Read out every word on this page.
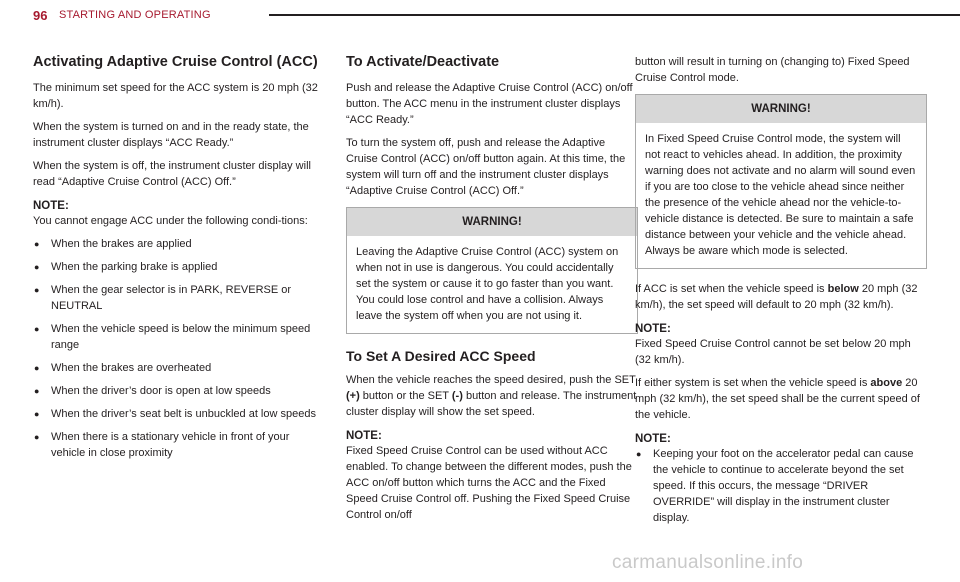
96 STARTING AND OPERATING
Activating Adaptive Cruise Control (ACC)

The minimum set speed for the ACC system is 20 mph (32 km/h).

When the system is turned on and in the ready state, the instrument cluster displays “ACC Ready.”

When the system is off, the instrument cluster display will read “Adaptive Cruise Control (ACC) Off.”

NOTE:

You cannot engage ACC under the following condi-tions:

● When the brakes are applied
● When the parking brake is applied
● When the gear selector is in PARK, REVERSE or NEUTRAL
● When the vehicle speed is below the minimum speed range
● When the brakes are overheated
● When the driver’s door is open at low speeds
● When the driver’s seat belt is unbuckled at low speeds
● When there is a stationary vehicle in front of your vehicle in close proximity
To Activate/Deactivate

Push and release the Adaptive Cruise Control (ACC) on/off button. The ACC menu in the instrument cluster displays “ACC Ready.”

To turn the system off, push and release the Adaptive Cruise Control (ACC) on/off button again. At this time, the system will turn off and the instrument cluster displays “Adaptive Cruise Control (ACC) Off.”

WARNING!
Leaving the Adaptive Cruise Control (ACC) system on when not in use is dangerous. You could accidentally set the system or cause it to go faster than you want. You could lose control and have a collision. Always leave the system off when you are not using it.
To Set A Desired ACC Speed

When the vehicle reaches the speed desired, push the SET (+) button or the SET (-) button and release. The instrument cluster display will show the set speed.

NOTE:

Fixed Speed Cruise Control can be used without ACC enabled. To change between the different modes, push the ACC on/off button which turns the ACC and the Fixed Speed Cruise Control off. Pushing the Fixed Speed Cruise Control on/off

button will result in turning on (changing to) Fixed Speed Cruise Control mode.

WARNING!
In Fixed Speed Cruise Control mode, the system will not react to vehicles ahead. In addition, the proximity warning does not activate and no alarm will sound even if you are too close to the vehicle ahead since neither the presence of the vehicle ahead nor the vehicle-to-vehicle distance is detected. Be sure to maintain a safe distance between your vehicle and the vehicle ahead. Always be aware which mode is selected.

If ACC is set when the vehicle speed is below 20 mph (32 km/h), the set speed will default to 20 mph (32 km/h).

NOTE:

Fixed Speed Cruise Control cannot be set below 20 mph (32 km/h).

If either system is set when the vehicle speed is above 20 mph (32 km/h), the set speed shall be the current speed of the vehicle.

NOTE:
● Keeping your foot on the accelerator pedal can cause the vehicle to continue to accelerate beyond the set speed. If this occurs, the message “DRIVER OVERRIDE” will display in the instrument cluster display.
carmanualsonline.info
